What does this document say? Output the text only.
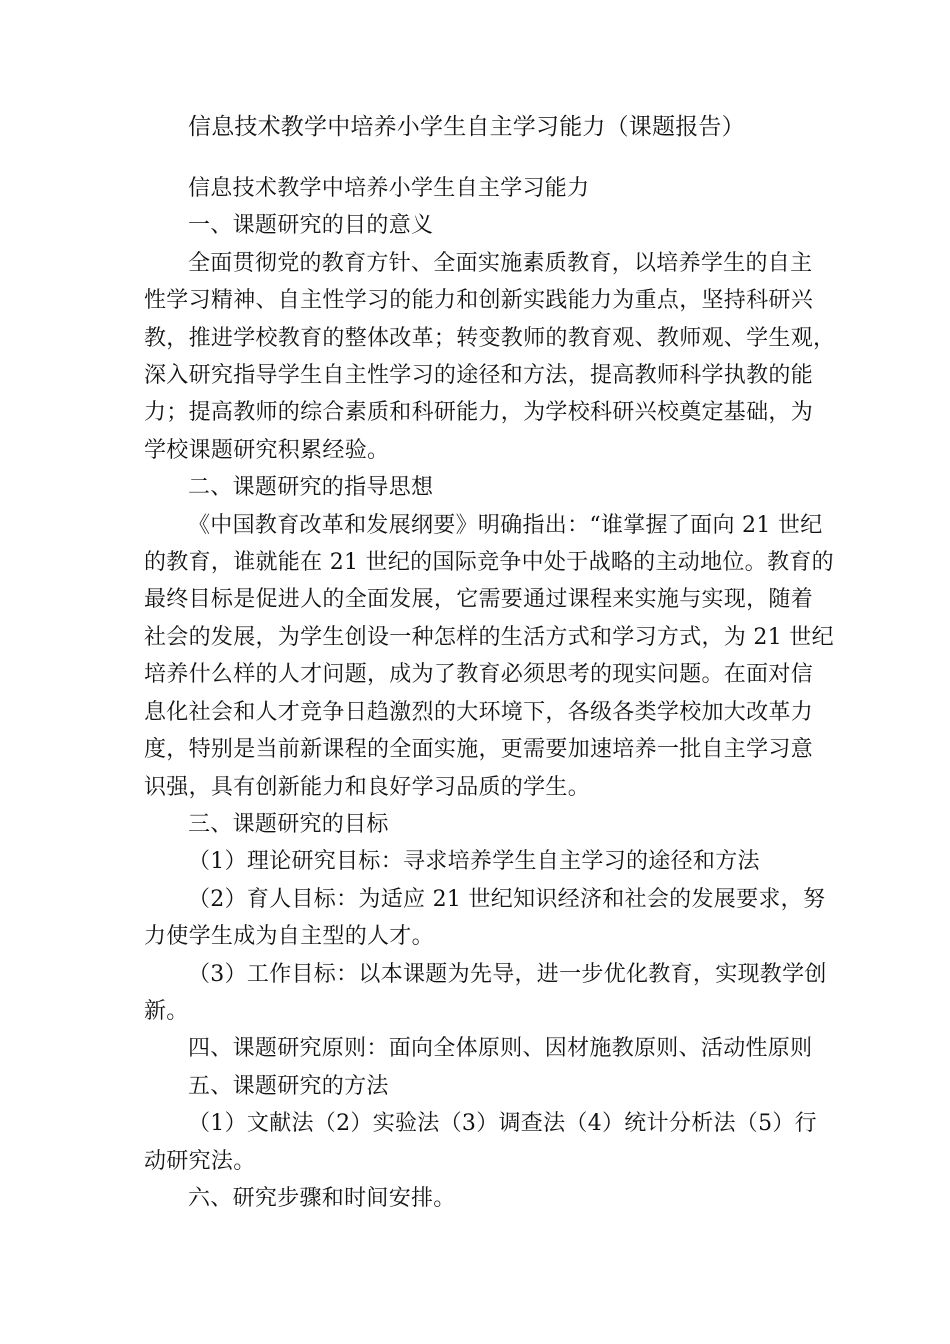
信息技术教学中培养小学生自主学习能力（课题报告）

信息技术教学中培养小学生自主学习能力

一、课题研究的目的意义

全面贯彻党的教育方针、全面实施素质教育，以培养学生的自主

性学习精神、自主性学习的能力和创新实践能力为重点，坚持科研兴

教，推进学校教育的整体改革；转变教师的教育观、教师观、学生观，

深入研究指导学生自主性学习的途径和方法，提高教师科学执教的能

力；提高教师的综合素质和科研能力，为学校科研兴校奠定基础，为

学校课题研究积累经验。

二、课题研究的指导思想

《中国教育改革和发展纲要》明确指出：“谁掌握了面向 21 世纪

的教育，谁就能在 21 世纪的国际竞争中处于战略的主动地位。教育的

最终目标是促进人的全面发展，它需要通过课程来实施与实现，随着

社会的发展，为学生创设一种怎样的生活方式和学习方式，为 21 世纪

培养什么样的人才问题，成为了教育必须思考的现实问题。在面对信

息化社会和人才竞争日趋激烈的大环境下，各级各类学校加大改革力

度，特别是当前新课程的全面实施，更需要加速培养一批自主学习意

识强，具有创新能力和良好学习品质的学生。

三、课题研究的目标

（1）理论研究目标：寻求培养学生自主学习的途径和方法

（2）育人目标：为适应 21 世纪知识经济和社会的发展要求，努

力使学生成为自主型的人才。

（3）工作目标：以本课题为先导，进一步优化教育，实现教学创

新。

四、课题研究原则：面向全体原则、因材施教原则、活动性原则

五、课题研究的方法

（1）文献法（2）实验法（3）调查法（4）统计分析法（5）行

动研究法。

六、研究步骤和时间安排。
